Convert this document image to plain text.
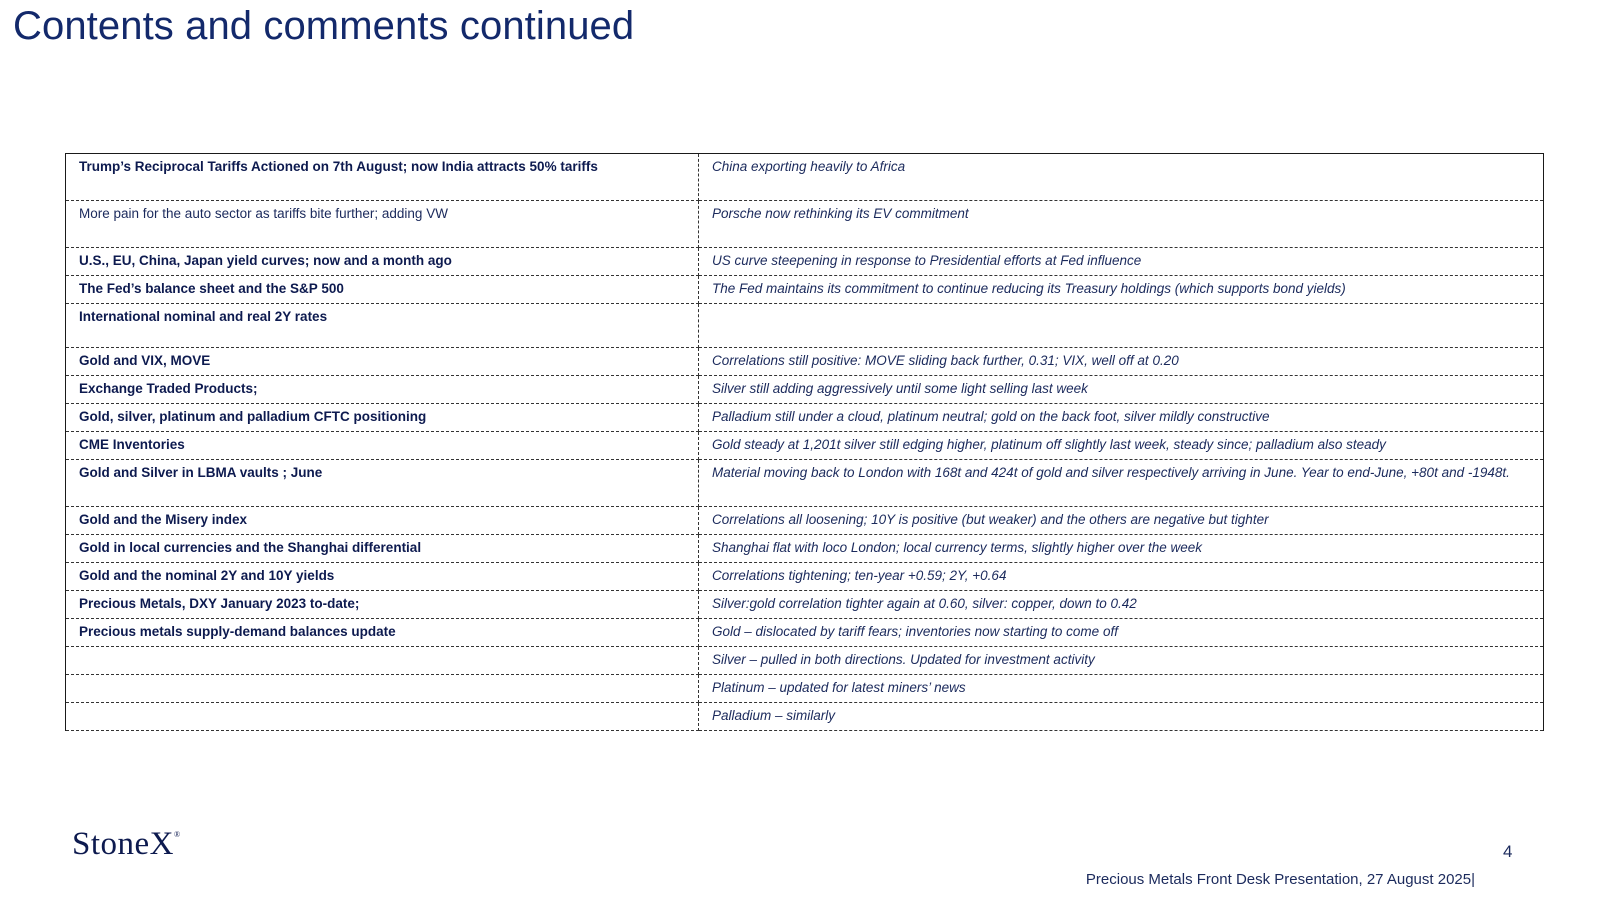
Contents and comments continued
Trump’s Reciprocal Tariffs Actioned on 7th August; now India attracts 50% tariffs	China exporting heavily to Africa
More pain for the auto sector as tariffs bite further; adding VW	Porsche now rethinking its EV commitment
U.S., EU, China, Japan yield curves; now and a month ago	US curve steepening in response to Presidential efforts at Fed influence
The Fed’s balance sheet and the S&P 500	The Fed maintains its commitment to continue reducing its Treasury holdings (which supports bond yields)
International nominal and real 2Y rates	
Gold and VIX, MOVE	Correlations still positive: MOVE sliding back further, 0.31; VIX, well off at 0.20
Exchange Traded Products;	Silver still adding aggressively until some light selling last week
Gold, silver, platinum and palladium CFTC positioning	Palladium still under a cloud, platinum neutral; gold on the back foot, silver mildly constructive
CME Inventories	Gold steady at 1,201t silver still edging higher, platinum off slightly last week, steady since; palladium also steady
Gold and Silver in LBMA vaults ; June	Material moving back to London with 168t and 424t of gold and silver respectively arriving in June. Year to end-June, +80t and -1948t.
Gold and the Misery index	Correlations all loosening; 10Y is positive (but weaker) and the others are negative but tighter
Gold in local currencies and the Shanghai differential	Shanghai flat with loco London; local currency terms, slightly higher over the week
Gold and the nominal 2Y and 10Y yields	Correlations tightening; ten-year +0.59; 2Y, +0.64
Precious Metals, DXY January 2023 to-date;	Silver:gold correlation tighter again at 0.60, silver: copper, down to 0.42
Precious metals supply-demand balances update	Gold – dislocated by tariff fears; inventories now starting to come off
	Silver – pulled in both directions. Updated for investment activity
	Platinum – updated for latest miners’ news
	Palladium – similarly
StoneX®
4
Precious Metals Front Desk Presentation, 27 August 2025|
